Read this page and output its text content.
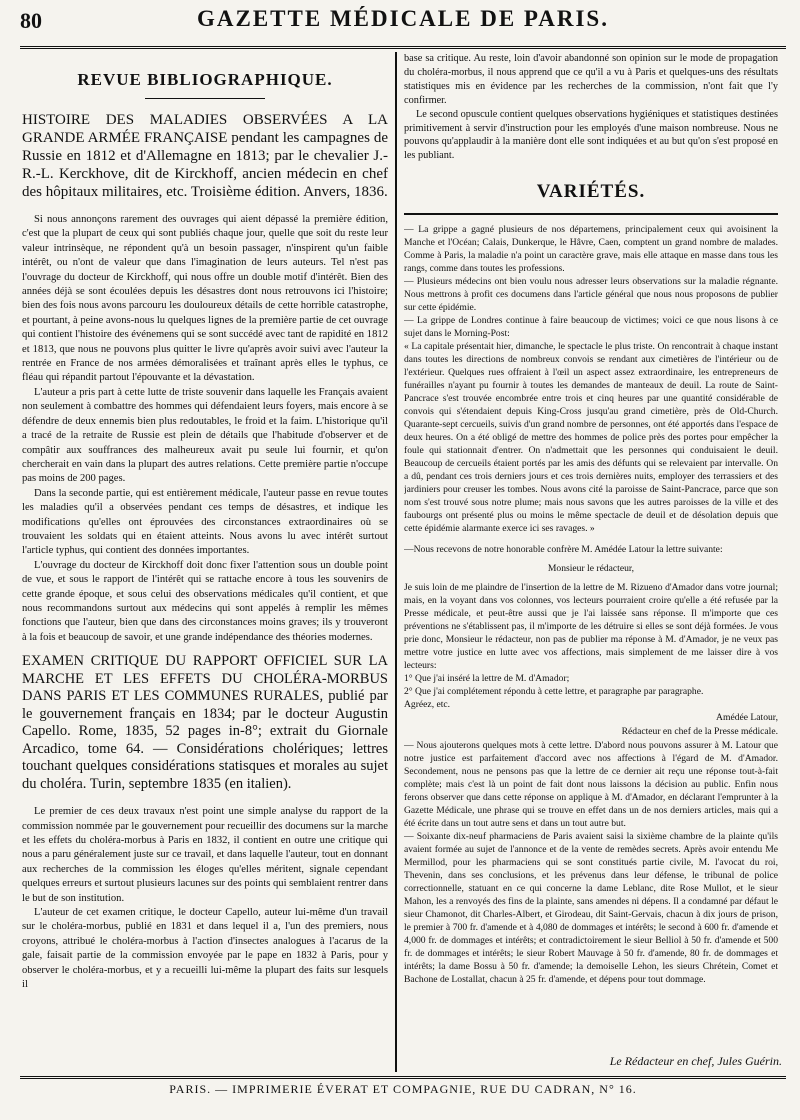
80	GAZETTE MÉDICALE DE PARIS.
REVUE BIBLIOGRAPHIQUE.

HISTOIRE DES MALADIES OBSERVÉES A LA GRANDE ARMÉE FRANÇAISE pendant les campagnes de Russie en 1812 et d'Allemagne en 1813; par le chevalier J.-R.-L. Kerckhove, dit de Kirckhoff, ancien médecin en chef des hôpitaux militaires, etc. Troisième édition. Anvers, 1836.

Si nous annonçons rarement des ouvrages qui aient dépassé la première édition, c'est que la plupart de ceux qui sont publiés chaque jour, quelle que soit du reste leur valeur intrinsèque, ne répondent qu'à un besoin passager, n'inspirent qu'un faible intérêt, ou n'ont de valeur que dans l'imagination de leurs auteurs. Tel n'est pas l'ouvrage du docteur de Kirckhoff, qui nous offre un double motif d'intérêt. Bien des années déjà se sont écoulées depuis les désastres dont nous retrouvons ici l'histoire; bien des fois nous avons parcouru les douloureux détails de cette horrible catastrophe, et pourtant, à peine avons-nous lu quelques lignes de la première partie de cet ouvrage qui contient l'histoire des événemens qui se sont succédé avec tant de rapidité en 1812 et 1813, que nous ne pouvons plus quitter le livre qu'après avoir suivi avec l'auteur la rentrée en France de nos armées démoralisées et traînant après elles le typhus, ce fléau qui répandit partout l'épouvante et la dévastation.

L'auteur a pris part à cette lutte de triste souvenir dans laquelle les Français avaient non seulement à combattre des hommes qui défendaient leurs foyers, mais encore à se défendre de deux ennemis bien plus redoutables, le froid et la faim. L'historique qu'il a tracé de la retraite de Russie est plein de détails que l'habitude d'observer et de compâtir aux souffrances des malheureux avait pu seule lui fournir, et qu'on chercherait en vain dans la plupart des autres relations. Cette première partie n'occupe pas moins de 200 pages.

Dans la seconde partie, qui est entièrement médicale, l'auteur passe en revue toutes les maladies qu'il a observées pendant ces temps de désastres, et indique les modifications qu'elles ont éprouvées des circonstances extraordinaires où se trouvaient les soldats qui en étaient atteints. Nous avons lu avec intérêt surtout l'article typhus, qui contient des données importantes.

L'ouvrage du docteur de Kirckhoff doit donc fixer l'attention sous un double point de vue, et sous le rapport de l'intérêt qui se rattache encore à tous les souvenirs de cette grande époque, et sous celui des observations médicales qu'il contient, et que nous recommandons surtout aux médecins qui sont appelés à remplir les mêmes fonctions que l'auteur, bien que dans des circonstances moins graves; ils y trouveront à la fois et beaucoup de savoir, et une grande indépendance des théories modernes.

EXAMEN CRITIQUE DU RAPPORT OFFICIEL SUR LA MARCHE ET LES EFFETS DU CHOLÉRA-MORBUS DANS PARIS ET LES COMMUNES RURALES, publié par le gouvernement français en 1834; par le docteur Augustin Capello. Rome, 1835, 52 pages in-8°; extrait du Giornale Arcadico, tome 64. — Considérations cholériques; lettres touchant quelques considérations statisques et morales au sujet du choléra. Turin, septembre 1835 (en italien).

Le premier de ces deux travaux n'est point une simple analyse du rapport de la commission nommée par le gouvernement pour recueillir des documens sur la marche et les effets du choléra-morbus à Paris en 1832, il contient en outre une critique qui nous a paru généralement juste sur ce travail, et dans laquelle l'auteur, tout en donnant aux recherches de la commission les éloges qu'elles méritent, signale cependant quelques erreurs et surtout plusieurs lacunes sur des points qui semblaient rentrer dans le but de son institution.

L'auteur de cet examen critique, le docteur Capello, auteur lui-même d'un travail sur le choléra-morbus, publié en 1831 et dans lequel il a, l'un des premiers, nous croyons, attribué le choléra-morbus à l'action d'insectes analogues à l'acarus de la gale, faisait partie de la commission envoyée par le pape en 1832 à Paris, pour y observer le choléra-morbus, et y a recueilli lui-même la plupart des faits sur lesquels il

base sa critique. Au reste, loin d'avoir abandonné son opinion sur le mode de propagation du choléra-morbus, il nous apprend que ce qu'il a vu à Paris et quelques-uns des résultats statistiques mis en évidence par les recherches de la commission, n'ont fait que l'y confirmer.

Le second opuscule contient quelques observations hygiéniques et statistiques destinées primitivement à servir d'instruction pour les employés d'une maison nombreuse. Nous ne pouvons qu'applaudir à la manière dont elle sont indiquées et au but qu'on s'est proposé en les publiant.

VARIÉTÉS.

— La grippe a gagné plusieurs de nos départemens, principalement ceux qui avoisinent la Manche et l'Océan; Calais, Dunkerque, le Hâvre, Caen, comptent un grand nombre de malades. Comme à Paris, la maladie n'a point un caractère grave, mais elle attaque en masse dans tous les rangs, comme dans toutes les professions.

— Plusieurs médecins ont bien voulu nous adresser leurs observations sur la maladie régnante. Nous mettrons à profit ces documens dans l'article général que nous nous proposons de publier sur cette épidémie.

— La grippe de Londres continue à faire beaucoup de victimes; voici ce que nous lisons à ce sujet dans le Morning-Post:

« La capitale présentait hier, dimanche, le spectacle le plus triste. On rencontrait à chaque instant dans toutes les directions de nombreux convois se rendant aux cimetières de l'intérieur ou de l'extérieur. Quelques rues offraient à l'œil un aspect assez extraordinaire, les entrepreneurs de funérailles n'ayant pu fournir à toutes les demandes de manteaux de deuil. La route de Saint-Pancrace s'est trouvée encombrée entre trois et cinq heures par une quantité considérable de convois qui s'étendaient depuis King-Cross jusqu'au grand cimetière, près de Old-Church. Quarante-sept cercueils, suivis d'un grand nombre de personnes, ont été apportés dans l'espace de deux heures. On a été obligé de mettre des hommes de police près des portes pour empêcher la foule qui stationnait d'entrer. On n'admettait que les personnes qui conduisaient le deuil. Beaucoup de cercueils étaient portés par les amis des défunts qui se relevaient par intervalle. On a dû, pendant ces trois derniers jours et ces trois dernières nuits, employer des terrassiers et des jardiniers pour creuser les tombes. Nous avons cité la paroisse de Saint-Pancrace, parce que son nom s'est trouvé sous notre plume; mais nous savons que les autres paroisses de la ville et des faubourgs ont présenté plus ou moins le même spectacle de deuil et de désolation depuis que cette épidémie alarmante exerce ici ses ravages. »

—Nous recevons de notre honorable confrère M. Amédée Latour la lettre suivante:

Monsieur le rédacteur,

Je suis loin de me plaindre de l'insertion de la lettre de M. Rizueno d'Amador dans votre journal; mais, en la voyant dans vos colonnes, vos lecteurs pourraient croire qu'elle a été refusée par la Presse médicale, et peut-être aussi que je l'ai laissée sans réponse. Il m'importe que ces préventions ne s'établissent pas, il m'importe de les détruire si elles se sont déjà formées. Je vous prie donc, Monsieur le rédacteur, non pas de publier ma réponse à M. d'Amador, je ne veux pas mettre votre justice en lutte avec vos affections, mais simplement de me laisser dire à vos lecteurs:

1° Que j'ai inséré la lettre de M. d'Amador;

2° Que j'ai complétement répondu à cette lettre, et paragraphe par paragraphe.

Agréez, etc.

Amédée Latour,

Rédacteur en chef de la Presse médicale.

— Nous ajouterons quelques mots à cette lettre. D'abord nous pouvons assurer à M. Latour que notre justice est parfaitement d'accord avec nos affections à l'égard de M. d'Amador. Secondement, nous ne pensons pas que la lettre de ce dernier ait reçu une réponse tout-à-fait complète; mais c'est là un point de fait dont nous laissons la décision au public. Enfin nous ferons observer que dans cette réponse on applique à M. d'Amador, en déclarant l'emprunter à la Gazette Médicale, une phrase qui se trouve en effet dans un de nos derniers articles, mais qui a été écrite dans un tout autre sens et dans un tout autre but.

— Soixante dix-neuf pharmaciens de Paris avaient saisi la sixième chambre de la plainte qu'ils avaient formée au sujet de l'annonce et de la vente de remèdes secrets. Après avoir entendu Me Mermillod, pour les pharmaciens qui se sont constitués partie civile, M. l'avocat du roi, Thevenin, dans ses conclusions, et les prévenus dans leur défense, le tribunal de police correctionnelle, statuant en ce qui concerne la dame Leblanc, dite Rose Mullot, et le sieur Mahon, les a renvoyés des fins de la plainte, sans amendes ni dépens. Il a condamné par défaut le sieur Chamonot, dit Charles-Albert, et Girodeau, dit Saint-Gervais, chacun à dix jours de prison, le premier à 700 fr. d'amende et à 4,080 de dommages et intérêts; le second à 600 fr. d'amende et 4,000 fr. de dommages et intérêts; et contradictoirement le sieur Belliol à 50 fr. d'amende et 500 fr. de dommages et intérêts; le sieur Robert Mauvage à 50 fr. d'amende, 80 fr. de dommages et intérêts; la dame Bossu à 50 fr. d'amende; la demoiselle Lehon, les sieurs Chrétein, Comet et Bachone de Lostallat, chacun à 25 fr. d'amende, et dépens pour tout dommage.

Le Rédacteur en chef, Jules Guérin.
PARIS. — IMPRIMERIE ÉVERAT ET COMPAGNIE, RUE DU CADRAN, N° 16.
